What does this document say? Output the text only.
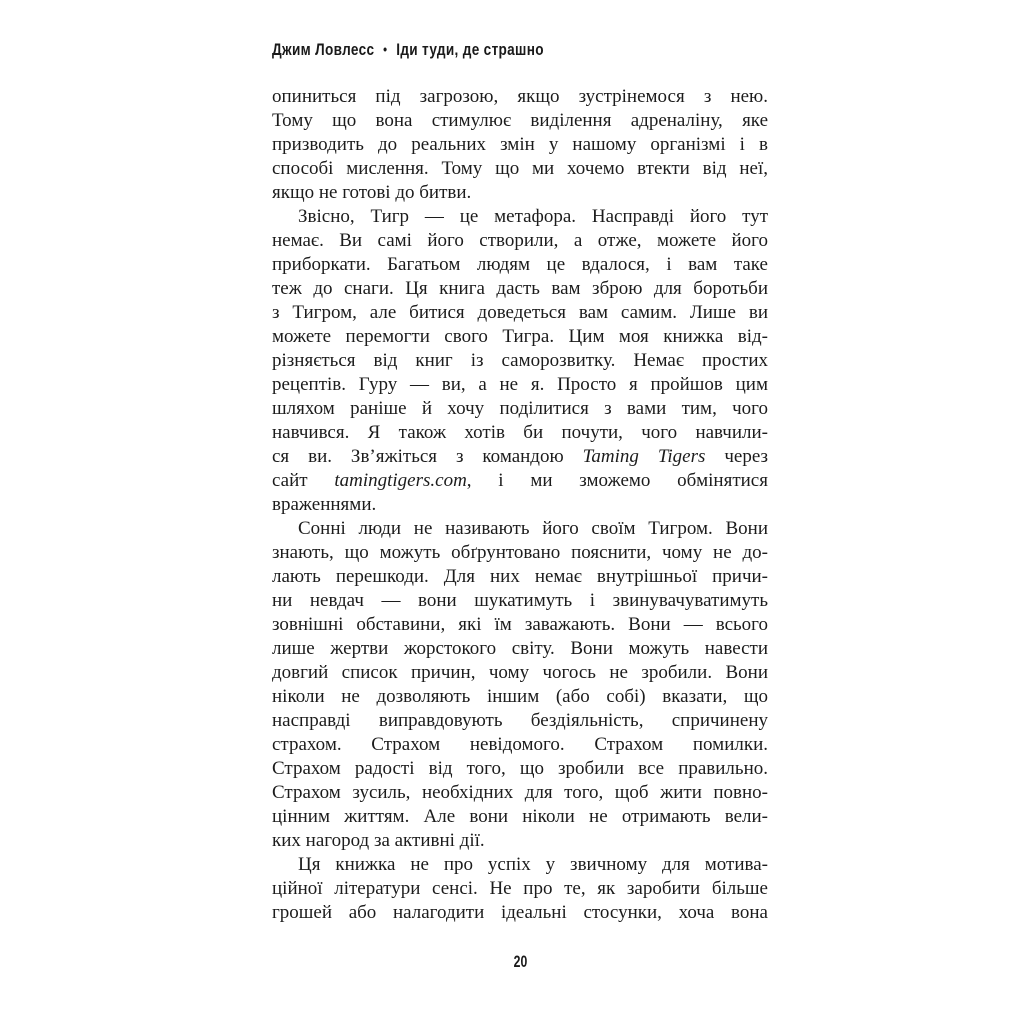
Джим Ловлесс • Іди туди, де страшно
опиниться під загрозою, якщо зустрінемося з нею.
Тому що вона стимулює виділення адреналіну, яке
призводить до реальних змін у нашому організмі і в
способі мислення. Тому що ми хочемо втекти від неї,
якщо не готові до битви.
Звісно, Тигр — це метафора. Насправді його тут
немає. Ви самі його створили, а отже, можете його
приборкати. Багатьом людям це вдалося, і вам таке
теж до снаги. Ця книга дасть вам зброю для боротьби
з Тигром, але битися доведеться вам самим. Лише ви
можете перемогти свого Тигра. Цим моя книжка від-
різняється від книг із саморозвитку. Немає простих
рецептів. Гуру — ви, а не я. Просто я пройшов цим
шляхом раніше й хочу поділитися з вами тим, чого
навчився. Я також хотів би почути, чого навчили-
ся ви. Зв’яжіться з командою Taming Tigers через
сайт tamingtigers.com, і ми зможемо обмінятися
враженнями.
Сонні люди не називають його своїм Тигром. Вони
знають, що можуть обґрунтовано пояснити, чому не до-
лають перешкоди. Для них немає внутрішньої причи-
ни невдач — вони шукатимуть і звинувачуватимуть
зовнішні обставини, які їм заважають. Вони — всього
лише жертви жорстокого світу. Вони можуть навести
довгий список причин, чому чогось не зробили. Вони
ніколи не дозволяють іншим (або собі) вказати, що
насправді виправдовують бездіяльність, спричинену
страхом. Страхом невідомого. Страхом помилки.
Страхом радості від того, що зробили все правильно.
Страхом зусиль, необхідних для того, щоб жити повно-
цінним життям. Але вони ніколи не отримають вели-
ких нагород за активні дії.
Ця книжка не про успіх у звичному для мотива-
ційної літератури сенсі. Не про те, як заробити більше
грошей або налагодити ідеальні стосунки, хоча вона
20
